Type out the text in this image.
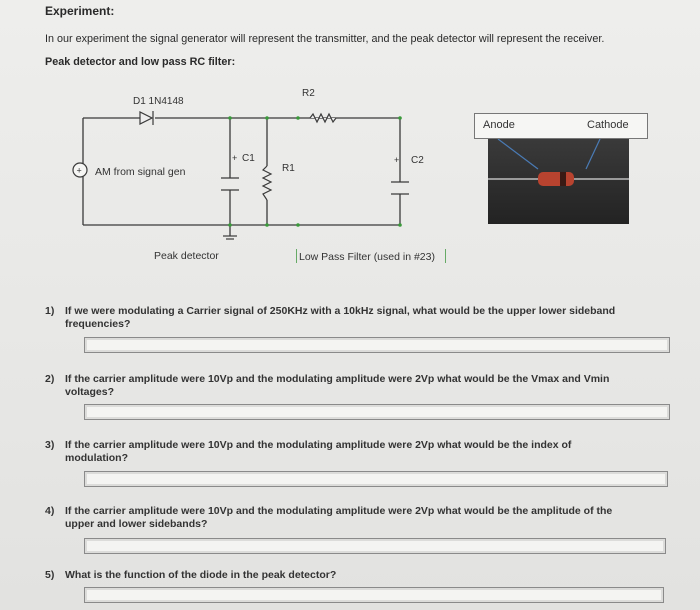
Experiment:
In our experiment the signal generator will represent the transmitter, and the peak detector will represent the receiver.
Peak detector and low pass RC filter:
+
+	+
D1 1N4148
R2
C1
R1
C2
AM from signal gen
Peak detector	Low Pass Filter (used in #23)
Anode	Cathode
1) If we were modulating a Carrier signal of 250KHz with a 10kHz signal, what would be the upper lower sideband
frequencies?
2) If the carrier amplitude were 10Vp and the modulating amplitude were 2Vp what would be the Vmax and Vmin
voltages?
3) If the carrier amplitude were 10Vp and the modulating amplitude were 2Vp what would be the index of
modulation?
4) If the carrier amplitude were 10Vp and the modulating amplitude were 2Vp what would be the amplitude of the
upper and lower sidebands?
5) What is the function of the diode in the peak detector?
